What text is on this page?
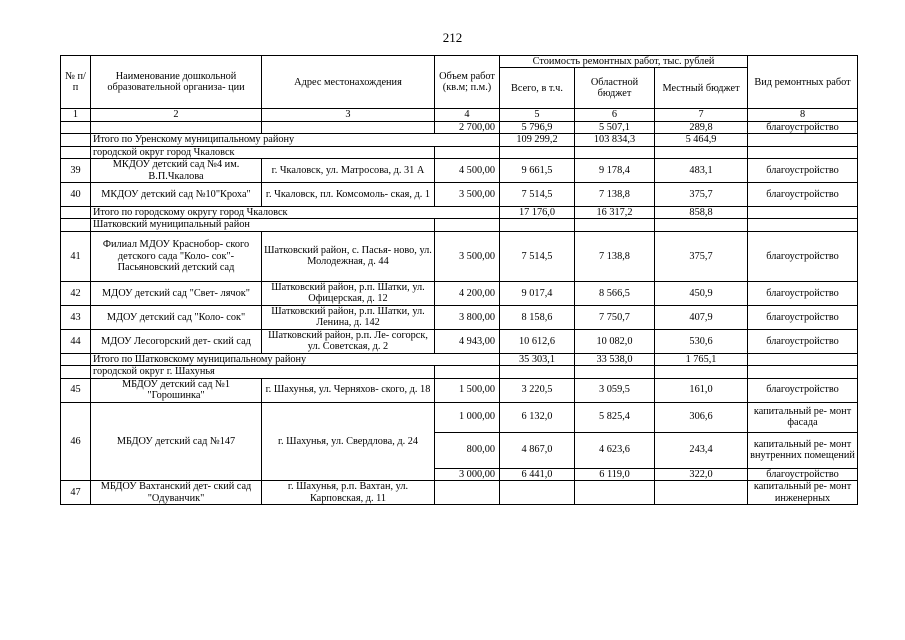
212
№ п/п	Наименование дошкольной образовательной организа- ции	Адрес местонахождения	Объем работ (кв.м; п.м.)	Стоимость ремонтных работ, тыс. рублей			Вид ремонтных работ
				Всего, в т.ч.	Областной бюджет	Местный бюджет	
1	2	3	4	5	6	7	8
			2 700,00	5 796,9	5 507,1	289,8	благоустройство
	Итого по Уренскому муниципальному району			109 299,2	103 834,3	5 464,9	
	городской округ город Чкаловск						
39	МКДОУ детский сад №4 им. В.П.Чкалова	г. Чкаловск, ул. Матросова, д. 31 А	4 500,00	9 661,5	9 178,4	483,1	благоустройство
40	МКДОУ детский сад №10"Кроха"	г. Чкаловск, пл. Комсомоль- ская, д. 1	3 500,00	7 514,5	7 138,8	375,7	благоустройство
	Итого по городскому округу город Чкаловск			17 176,0	16 317,2	858,8	
	Шатковский муниципальный район						
41	Филиал МДОУ Краснобор- ского детского сада "Коло- сок"- Пасьяновский детский сад	Шатковский район, с. Пасья- ново, ул. Молодежная, д. 44	3 500,00	7 514,5	7 138,8	375,7	благоустройство
42	МДОУ детский сад "Свет- лячок"	Шатковский район, р.п. Шатки, ул. Офицерская, д. 12	4 200,00	9 017,4	8 566,5	450,9	благоустройство
43	МДОУ детский сад "Коло- сок"	Шатковский район, р.п. Шатки, ул. Ленина, д. 142	3 800,00	8 158,6	7 750,7	407,9	благоустройство
44	МДОУ Лесогорский дет- ский сад	Шатковский район, р.п. Ле- согорск, ул. Советская, д. 2	4 943,00	10 612,6	10 082,0	530,6	благоустройство
	Итого по Шатковскому муниципальному району			35 303,1	33 538,0	1 765,1	
	городской округ г. Шахунья						
45	МБДОУ детский сад №1 "Горошинка"	г. Шахунья, ул. Черняхов- ского, д. 18	1 500,00	3 220,5	3 059,5	161,0	благоустройство
46	МБДОУ детский сад №147	г. Шахунья, ул. Свердлова, д. 24	1 000,00	6 132,0	5 825,4	306,6	капитальный ре- монт фасада
			800,00	4 867,0	4 623,6	243,4	капитальный ре- монт внутренних помещений
			3 000,00	6 441,0	6 119,0	322,0	благоустройство
47	МБДОУ Вахтанский дет- ский сад "Одуванчик"	г. Шахунья, р.п. Вахтан, ул. Карповская, д. 11					капитальный ре- монт инженерных
